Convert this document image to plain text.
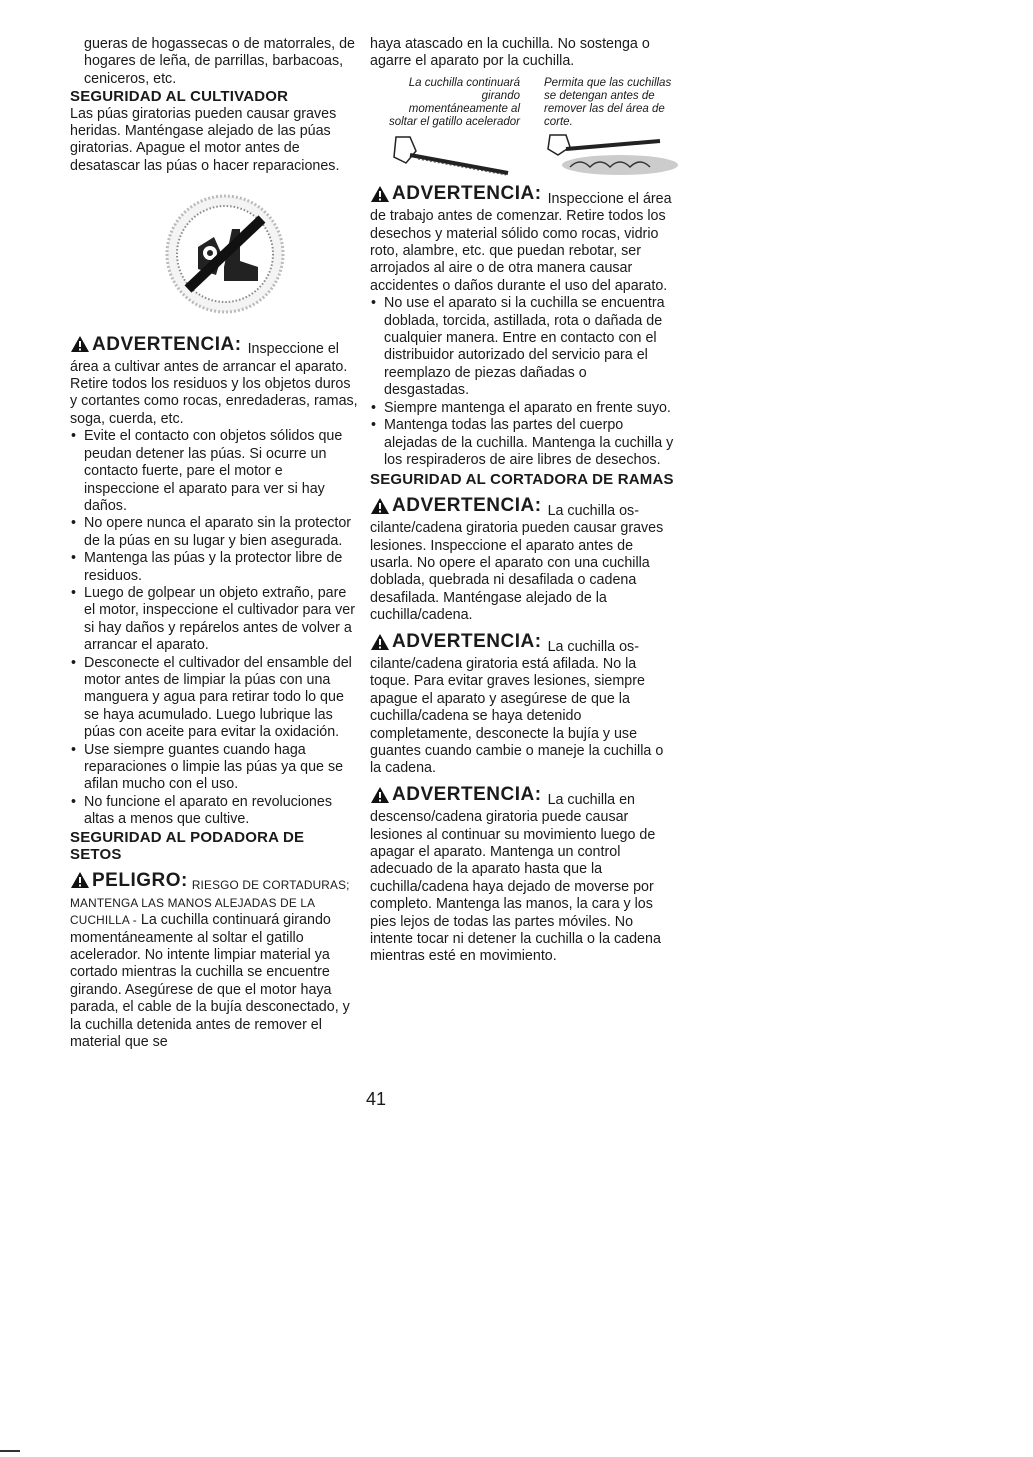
gueras de hogassecas o de matorrales, de hogares de leña, de parrillas, barbacoas, ceniceros, etc.

SEGURIDAD AL CULTIVADOR

Las púas giratorias pueden causar graves heridas. Manténgase alejado de las púas giratorias. Apague el motor antes de desatascar las púas o hacer reparaciones.

ADVERTENCIA: Inspeccione el área a cultivar antes de arrancar el aparato. Retire todos los residuos y los objetos duros y cortantes como rocas, enredaderas, ramas, soga, cuerda, etc.
• Evite el contacto con objetos sólidos que peudan detener las púas. Si ocurre un contacto fuerte, pare el motor e inspeccione el aparato para ver si hay daños.
• No opere nunca el aparato sin la protector de la púas en su lugar y bien asegurada.
• Mantenga las púas y la protector libre de residuos.
• Luego de golpear un objeto extraño, pare el motor, inspeccione el cultivador para ver si hay daños y repárelos antes de volver a arrancar el aparato.
• Desconecte el cultivador del ensamble del motor antes de limpiar la púas con una manguera y agua para retirar todo lo que se haya acumulado. Luego lubrique las púas con aceite para evitar la oxidación.
• Use siempre guantes cuando haga reparaciones o limpie las púas ya que se afilan mucho con el uso.
• No funcione el aparato en revoluciones altas a menos que cultive.

SEGURIDAD AL PODADORA DE SETOS

PELIGRO: RIESGO DE CORTADURAS; MANTENGA LAS MANOS ALEJADAS DE LA CUCHILLA - La cuchilla continuará girando momentáneamente al soltar el gatillo acelerador. No intente limpiar material ya cortado mientras la cuchilla se encuentre girando. Asegúrese de que el motor haya parada, el cable de la bujía desconectado, y la cuchilla detenida antes de remover el material que se

haya atascado en la cuchilla. No sostenga o agarre el aparato por la cuchilla.

La cuchilla continuará girando momentáneamente al soltar el gatillo acelerador
Permita que las cuchillas se detengan antes de remover las del área de corte.
ADVERTENCIA: Inspeccione el área de trabajo antes de comenzar. Retire todos los desechos y material sólido como rocas, vidrio roto, alambre, etc. que puedan rebotar, ser arrojados al aire o de otra manera causar accidentes o daños durante el uso del aparato.
• No use el aparato si la cuchilla se encuentra doblada, torcida, astillada, rota o dañada de cualquier manera. Entre en contacto con el distribuidor autorizado del servicio para el reemplazo de piezas dañadas o desgastadas.
• Siempre mantenga el aparato en frente suyo.
• Mantenga todas las partes del cuerpo alejadas de la cuchilla. Mantenga la cuchilla y los respiraderos de aire libres de desechos.

SEGURIDAD AL CORTADORA DE RAMAS

ADVERTENCIA: La cuchilla os- cilante/cadena giratoria pueden causar graves lesiones. Inspeccione el aparato antes de usarla. No opere el aparato con una cuchilla doblada, quebrada ni desafilada o cadena desafilada. Manténgase alejado de la cuchilla/cadena.
ADVERTENCIA: La cuchilla os- cilante/cadena giratoria está afilada. No la toque. Para evitar graves lesiones, siempre apague el aparato y asegúrese de que la cuchilla/cadena se haya detenido completamente, desconecte la bujía y use guantes cuando cambie o maneje la cuchilla o la cadena.
ADVERTENCIA: La cuchilla en descenso/cadena giratoria puede causar lesiones al continuar su movimiento luego de apagar el aparato. Mantenga un control adecuado de la aparato hasta que la cuchilla/cadena haya dejado de moverse por completo. Mantenga las manos, la cara y los pies lejos de todas las partes móviles. No intente tocar ni detener la cuchilla o la cadena mientras esté en movimiento.
41
